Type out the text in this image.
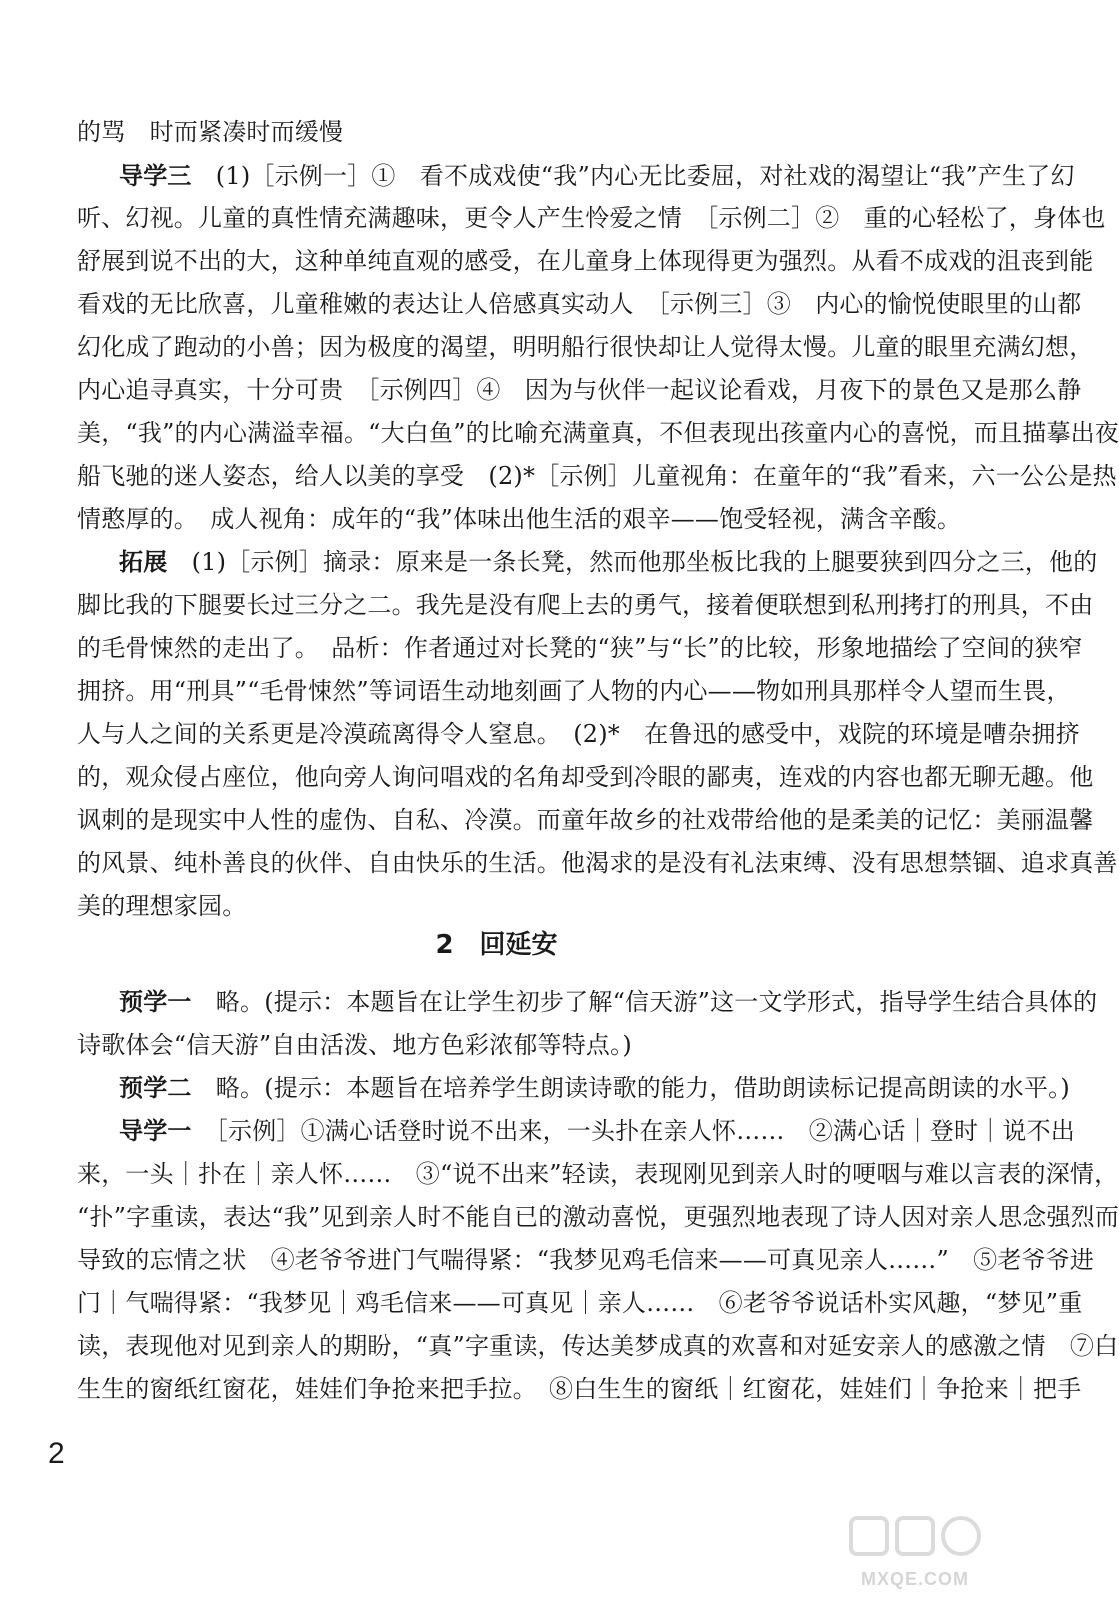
的骂　时而紧凑时而缓慢
导学三　(1)［示例一］①　看不成戏使“我”内心无比委屈，对社戏的渴望让“我”产生了幻
听、幻视。儿童的真性情充满趣味，更令人产生怜爱之情　［示例二］②　重的心轻松了，身体也
舒展到说不出的大，这种单纯直观的感受，在儿童身上体现得更为强烈。从看不成戏的沮丧到能
看戏的无比欣喜，儿童稚嫩的表达让人倍感真实动人　［示例三］③　内心的愉悦使眼里的山都
幻化成了跑动的小兽；因为极度的渴望，明明船行很快却让人觉得太慢。儿童的眼里充满幻想，
内心追寻真实，十分可贵　［示例四］④　因为与伙伴一起议论看戏，月夜下的景色又是那么静
美，“我”的内心满溢幸福。“大白鱼”的比喻充满童真，不但表现出孩童内心的喜悦，而且描摹出夜
船飞驰的迷人姿态，给人以美的享受　(2)*［示例］儿童视角：在童年的“我”看来，六一公公是热
情憨厚的。　成人视角：成年的“我”体味出他生活的艰辛——饱受轻视，满含辛酸。
拓展　(1)［示例］摘录：原来是一条长凳，然而他那坐板比我的上腿要狭到四分之三，他的
脚比我的下腿要长过三分之二。我先是没有爬上去的勇气，接着便联想到私刑拷打的刑具，不由
的毛骨悚然的走出了。　品析：作者通过对长凳的“狭”与“长”的比较，形象地描绘了空间的狭窄
拥挤。用“刑具”“毛骨悚然”等词语生动地刻画了人物的内心——物如刑具那样令人望而生畏，
人与人之间的关系更是冷漠疏离得令人窒息。　(2)*　在鲁迅的感受中，戏院的环境是嘈杂拥挤
的，观众侵占座位，他向旁人询问唱戏的名角却受到冷眼的鄙夷，连戏的内容也都无聊无趣。他
讽刺的是现实中人性的虚伪、自私、冷漠。而童年故乡的社戏带给他的是柔美的记忆：美丽温馨
的风景、纯朴善良的伙伴、自由快乐的生活。他渴求的是没有礼法束缚、没有思想禁锢、追求真善
美的理想家园。
2　回延安
预学一　略。(提示：本题旨在让学生初步了解“信天游”这一文学形式，指导学生结合具体的
诗歌体会“信天游”自由活泼、地方色彩浓郁等特点。)
预学二　略。(提示：本题旨在培养学生朗读诗歌的能力，借助朗读标记提高朗读的水平。)
导学一　［示例］①满心话登时说不出来，一头扑在亲人怀……　②满心话｜登时｜说不出
来，一头｜扑在｜亲人怀……　③“说不出来”轻读，表现刚见到亲人时的哽咽与难以言表的深情，
“扑”字重读，表达“我”见到亲人时不能自已的激动喜悦，更强烈地表现了诗人因对亲人思念强烈而
导致的忘情之状　④老爷爷进门气喘得紧：“我梦见鸡毛信来——可真见亲人……”　⑤老爷爷进
门｜气喘得紧：“我梦见｜鸡毛信来——可真见｜亲人……　⑥老爷爷说话朴实风趣，“梦见”重
读，表现他对见到亲人的期盼，“真”字重读，传达美梦成真的欢喜和对延安亲人的感激之情　⑦白
生生的窗纸红窗花，娃娃们争抢来把手拉。　⑧白生生的窗纸｜红窗花，娃娃们｜争抢来｜把手
2
MXQE.COM
